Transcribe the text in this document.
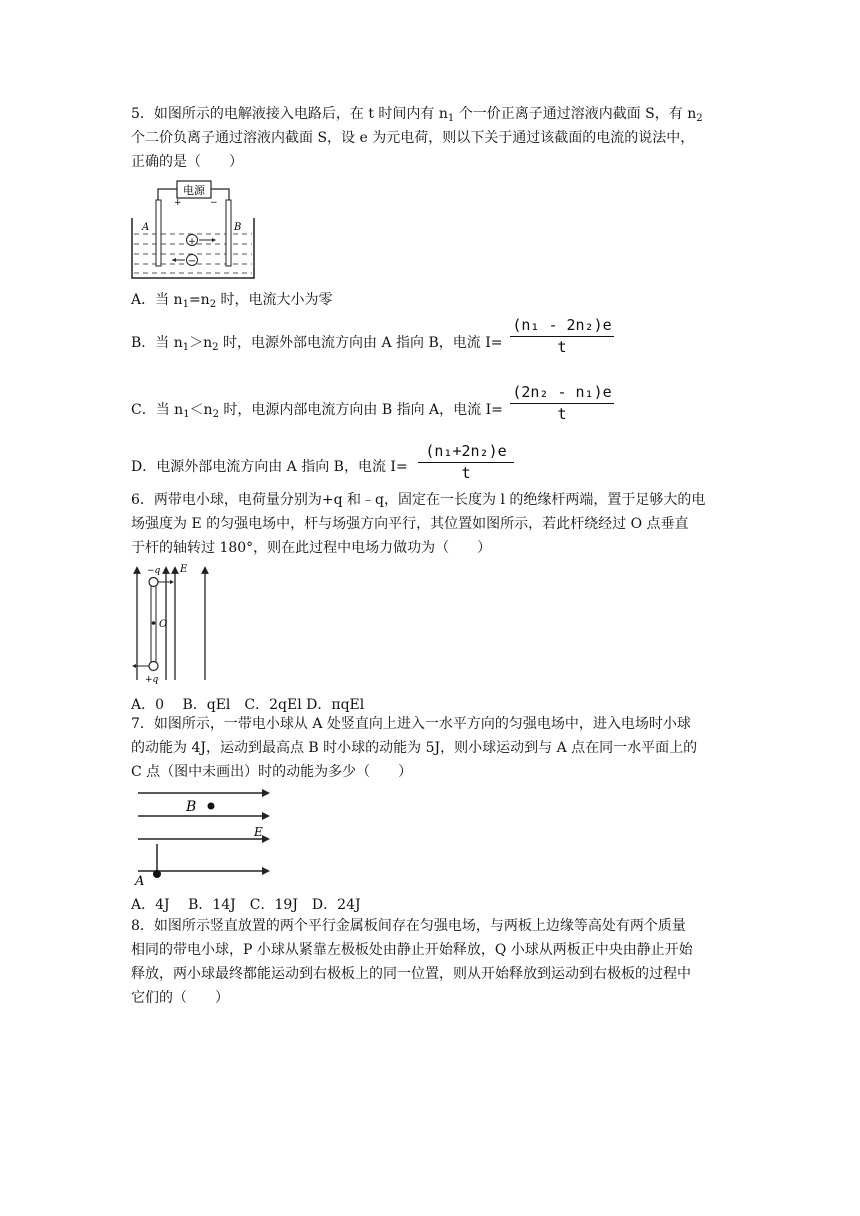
5．如图所示的电解液接入电路后，在 t 时间内有 $n_1$ 个一价正离子通过溶液内截面 S，有 $n_2$
个二价负离子通过溶液内截面 S，设 e 为元电荷，则以下关于通过该截面的电流的说法中，
正确的是（　　）
电源
+	−
A	B
+
−
A．当 $n_1=n_2$ 时，电流大小为零
B．当 $n_1>n_2$ 时，电源外部电流方向由 A 指向 B，电流 I=
(n₁ - 2n₂)e
t
C．当 $n_1<n_2$ 时，电源内部电流方向由 B 指向 A，电流 I=
(2n₂ - n₁)e
t
D．电源外部电流方向由 A 指向 B，电流 I=
(n₁+2n₂)e
t
6．两带电小球，电荷量分别为+q 和﹣q，固定在一长度为 l 的绝缘杆两端，置于足够大的电
场强度为 E 的匀强电场中，杆与场强方向平行，其位置如图所示，若此杆绕经过 O 点垂直
于杆的轴转过 180°，则在此过程中电场力做功为（　　）
E
O
−q
+q
A．0　 B．qEl　C．2qEl D．πqEl
7．如图所示，一带电小球从 A 处竖直向上进入一水平方向的匀强电场中，进入电场时小球
的动能为 4J，运动到最高点 B 时小球的动能为 5J，则小球运动到与 A 点在同一水平面上的
C 点（图中未画出）时的动能为多少（　　）
E
B
A
A．4J　 B．14J　C．19J　D．24J
8．如图所示竖直放置的两个平行金属板间存在匀强电场，与两板上边缘等高处有两个质量
相同的带电小球，P 小球从紧靠左极板处由静止开始释放，Q 小球从两板正中央由静止开始
释放，两小球最终都能运动到右极板上的同一位置，则从开始释放到运动到右极板的过程中
它们的（　　）
